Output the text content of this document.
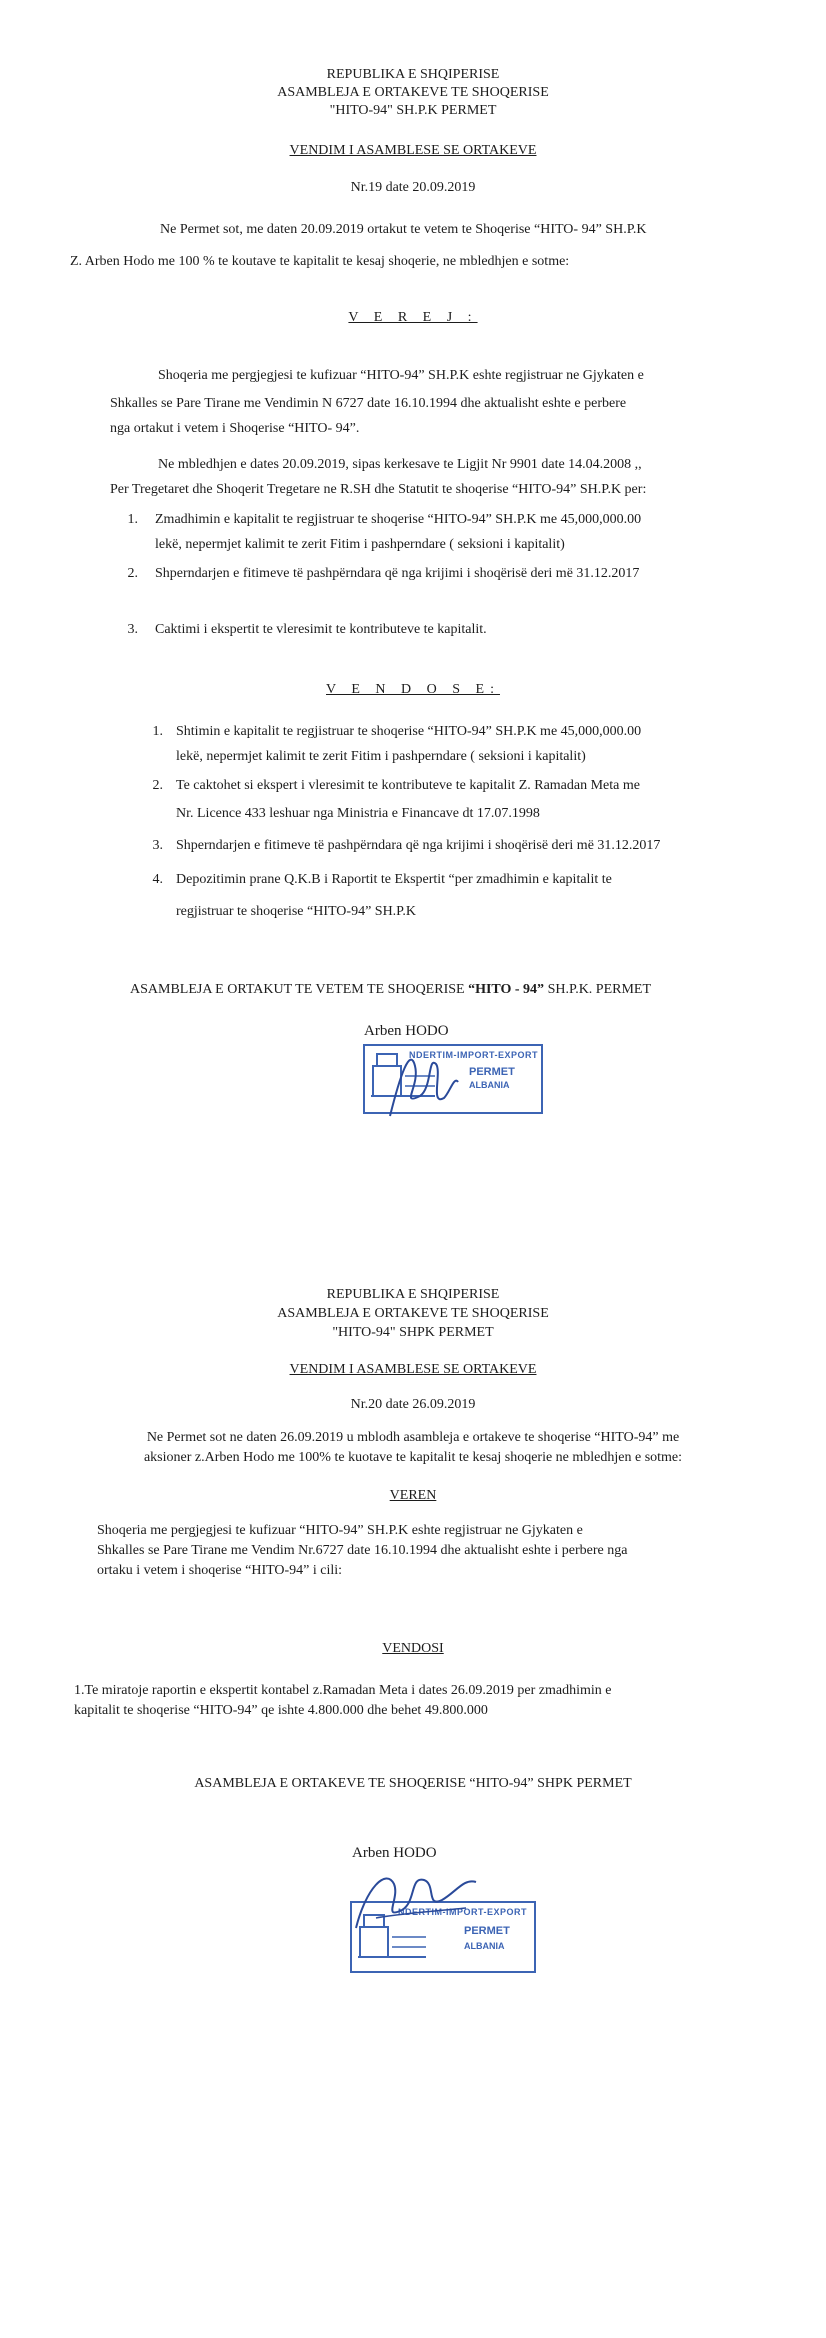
REPUBLIKA E SHQIPERISE
ASAMBLEJA E ORTAKEVE TE SHOQERISE
"HITO-94" SH.P.K PERMET
VENDIM I ASAMBLESE SE ORTAKEVE
Nr.19 date 20.09.2019
Ne Permet sot, me daten 20.09.2019 ortakut te vetem te Shoqerise “HITO- 94” SH.P.K
Z. Arben Hodo me 100 % te koutave te kapitalit te kesaj shoqerie, ne mbledhjen e sotme:
V E R E J :
Shoqeria me pergjegjesi te kufizuar “HITO-94” SH.P.K eshte regjistruar ne Gjykaten e
Shkalles se Pare Tirane me Vendimin N 6727 date 16.10.1994 dhe aktualisht eshte e perbere
nga ortakut i vetem i Shoqerise “HITO- 94”.
Ne mbledhjen e dates 20.09.2019, sipas kerkesave te Ligjit Nr 9901 date 14.04.2008 ,,
Per Tregetaret dhe Shoqerit Tregetare ne R.SH dhe Statutit te shoqerise “HITO-94” SH.P.K per:
1. Zmadhimin e kapitalit te regjistruar te shoqerise “HITO-94” SH.P.K me 45,000,000.00
lekë, nepermjet kalimit te zerit Fitim i pashperndare ( seksioni i kapitalit)
2. Shperndarjen e fitimeve të pashpërndara që nga krijimi i shoqërisë deri më 31.12.2017
3. Caktimi i ekspertit te vleresimit te kontributeve te kapitalit.
V E N D O S E:
1. Shtimin e kapitalit te regjistruar te shoqerise “HITO-94” SH.P.K me 45,000,000.00
lekë, nepermjet kalimit te zerit Fitim i pashperndare ( seksioni i kapitalit)
2. Te caktohet si ekspert i vleresimit te kontributeve te kapitalit Z. Ramadan Meta me
Nr. Licence 433 leshuar nga Ministria e Financave dt 17.07.1998
3. Shperndarjen e fitimeve të pashpërndara që nga krijimi i shoqërisë deri më 31.12.2017
4. Depozitimin prane Q.K.B i Raportit te Ekspertit “per zmadhimin e kapitalit te
regjistruar te shoqerise “HITO-94” SH.P.K
ASAMBLEJA E ORTAKUT TE VETEM TE SHOQERISE “HITO - 94” SH.P.K. PERMET
Arben HODO
NDERTIM-IMPORT-EXPORT
PERMET
ALBANIA
REPUBLIKA E SHQIPERISE
ASAMBLEJA E ORTAKEVE TE SHOQERISE
"HITO-94" SHPK PERMET
VENDIM I ASAMBLESE SE ORTAKEVE
Nr.20 date 26.09.2019
Ne Permet sot ne daten 26.09.2019 u mblodh asambleja e ortakeve te shoqerise “HITO-94” me
aksioner z.Arben Hodo me 100% te kuotave te kapitalit te kesaj shoqerie ne mbledhjen e sotme:
VEREN
Shoqeria me pergjegjesi te kufizuar “HITO-94” SH.P.K eshte regjistruar ne Gjykaten e
Shkalles se Pare Tirane me Vendim Nr.6727 date 16.10.1994 dhe aktualisht eshte i perbere nga
ortaku i vetem i shoqerise “HITO-94” i cili:
VENDOSI
1.Te miratoje raportin e ekspertit kontabel z.Ramadan Meta i dates 26.09.2019 per zmadhimin e
kapitalit te shoqerise “HITO-94” qe ishte 4.800.000 dhe behet 49.800.000
ASAMBLEJA E ORTAKEVE TE SHOQERISE “HITO-94” SHPK PERMET
Arben HODO
NDERTIM-IMPORT-EXPORT
PERMET
ALBANIA
